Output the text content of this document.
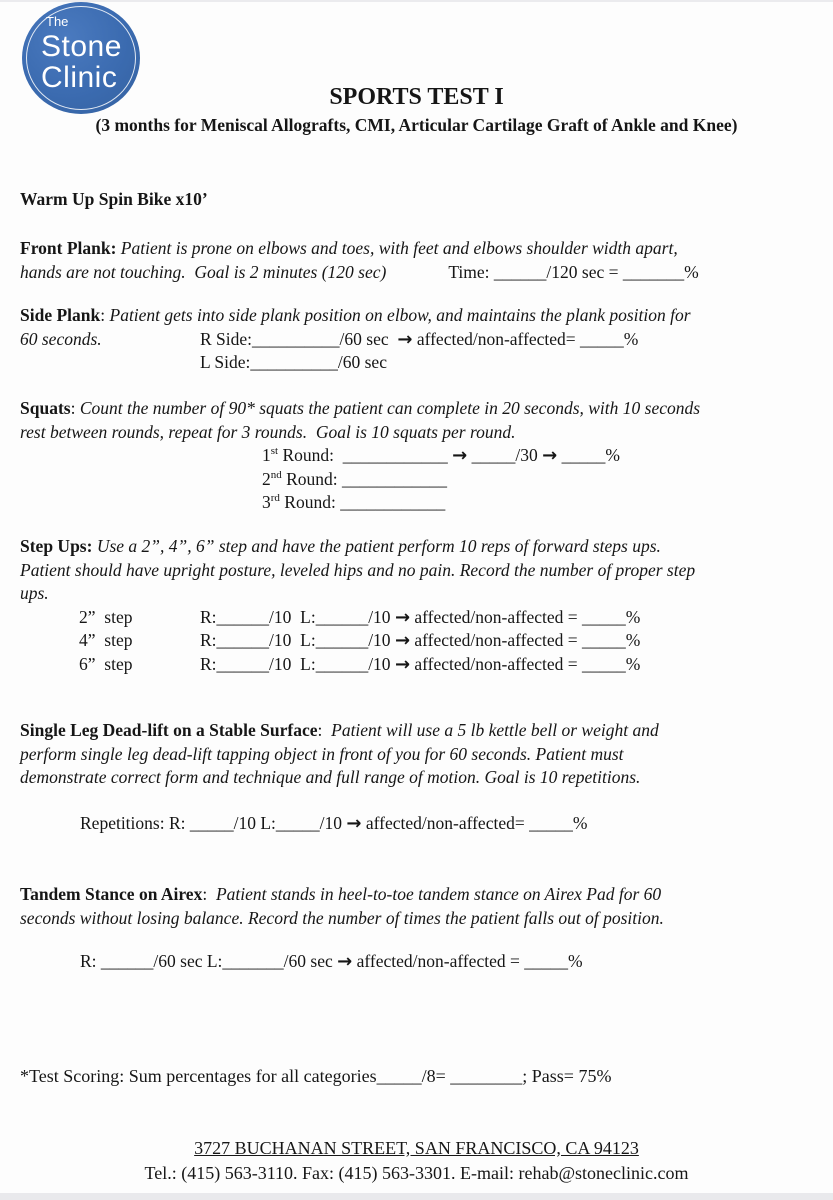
The
Stone
Clinic
SPORTS TEST I
(3 months for Meniscal Allografts, CMI, Articular Cartilage Graft of Ankle and Knee)
Warm Up Spin Bike x10’
Front Plank: Patient is prone on elbows and toes, with feet and elbows shoulder width apart,
hands are not touching.  Goal is 2 minutes (120 sec)	Time: ______/120 sec = _______%
Side Plank: Patient gets into side plank position on elbow, and maintains the plank position for
60 seconds.	R Side:__________/60 sec  → affected/non-affected= _____%
L Side:__________/60 sec
Squats: Count the number of 90* squats the patient can complete in 20 seconds, with 10 seconds
rest between rounds, repeat for 3 rounds.  Goal is 10 squats per round.
1st Round:  ____________ → _____/30 → _____%
2nd Round: ____________
3rd Round: ____________
Step Ups: Use a 2”, 4”, 6” step and have the patient perform 10 reps of forward steps ups.
Patient should have upright posture, leveled hips and no pain. Record the number of proper step
ups.
2”  step	R:______/10  L:______/10 → affected/non-affected = _____%
4”  step	R:______/10  L:______/10 → affected/non-affected = _____%
6”  step	R:______/10  L:______/10 → affected/non-affected = _____%
Single Leg Dead-lift on a Stable Surface:  Patient will use a 5 lb kettle bell or weight and
perform single leg dead-lift tapping object in front of you for 60 seconds. Patient must
demonstrate correct form and technique and full range of motion. Goal is 10 repetitions.
Repetitions: R: _____/10 L:_____/10 → affected/non-affected= _____%
Tandem Stance on Airex:  Patient stands in heel-to-toe tandem stance on Airex Pad for 60
seconds without losing balance. Record the number of times the patient falls out of position.
R: ______/60 sec L:_______/60 sec → affected/non-affected = _____%
*Test Scoring: Sum percentages for all categories_____/8= ________; Pass= 75%
3727 BUCHANAN STREET, SAN FRANCISCO, CA 94123
Tel.: (415) 563-3110. Fax: (415) 563-3301. E-mail: rehab@stoneclinic.com
